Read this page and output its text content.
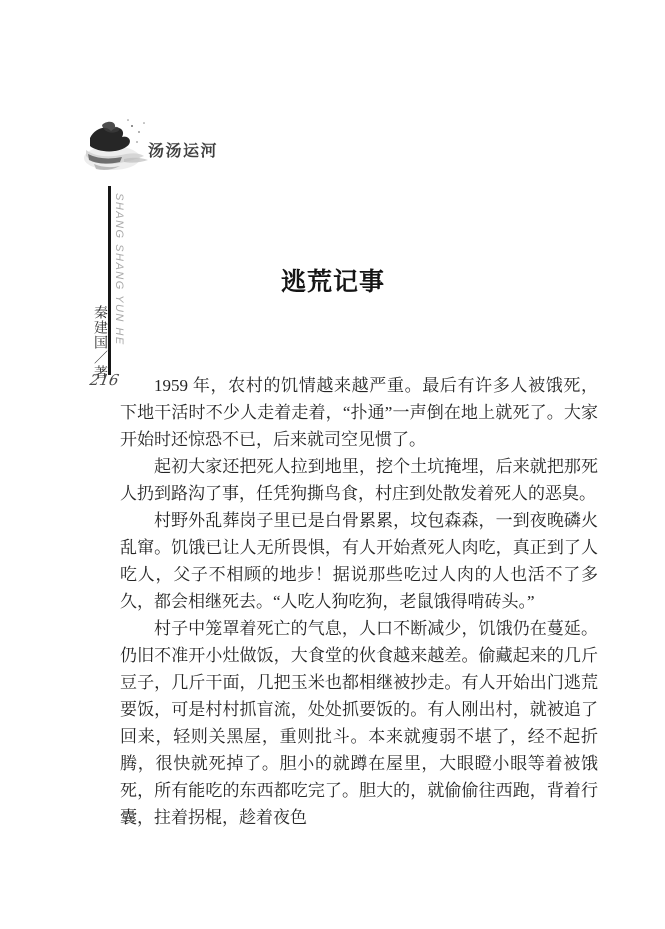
汤汤运河
SHANG SHANG YUN HE
秦建国／著
216
逃荒记事

1959 年，农村的饥情越来越严重。最后有许多人被饿死，下地干活时不少人走着走着，“扑通”一声倒在地上就死了。大家开始时还惊恐不已，后来就司空见惯了。

起初大家还把死人拉到地里，挖个土坑掩埋，后来就把那死人扔到路沟了事，任凭狗撕鸟食，村庄到处散发着死人的恶臭。

村野外乱葬岗子里已是白骨累累，坟包森森，一到夜晚磷火乱窜。饥饿已让人无所畏惧，有人开始煮死人肉吃，真正到了人吃人，父子不相顾的地步！据说那些吃过人肉的人也活不了多久，都会相继死去。“人吃人狗吃狗，老鼠饿得啃砖头。”

村子中笼罩着死亡的气息，人口不断减少，饥饿仍在蔓延。仍旧不准开小灶做饭，大食堂的伙食越来越差。偷藏起来的几斤豆子，几斤干面，几把玉米也都相继被抄走。有人开始出门逃荒要饭，可是村村抓盲流，处处抓要饭的。有人刚出村，就被追了回来，轻则关黑屋，重则批斗。本来就瘦弱不堪了，经不起折腾，很快就死掉了。胆小的就蹲在屋里，大眼瞪小眼等着被饿死，所有能吃的东西都吃完了。胆大的，就偷偷往西跑，背着行囊，拄着拐棍，趁着夜色
